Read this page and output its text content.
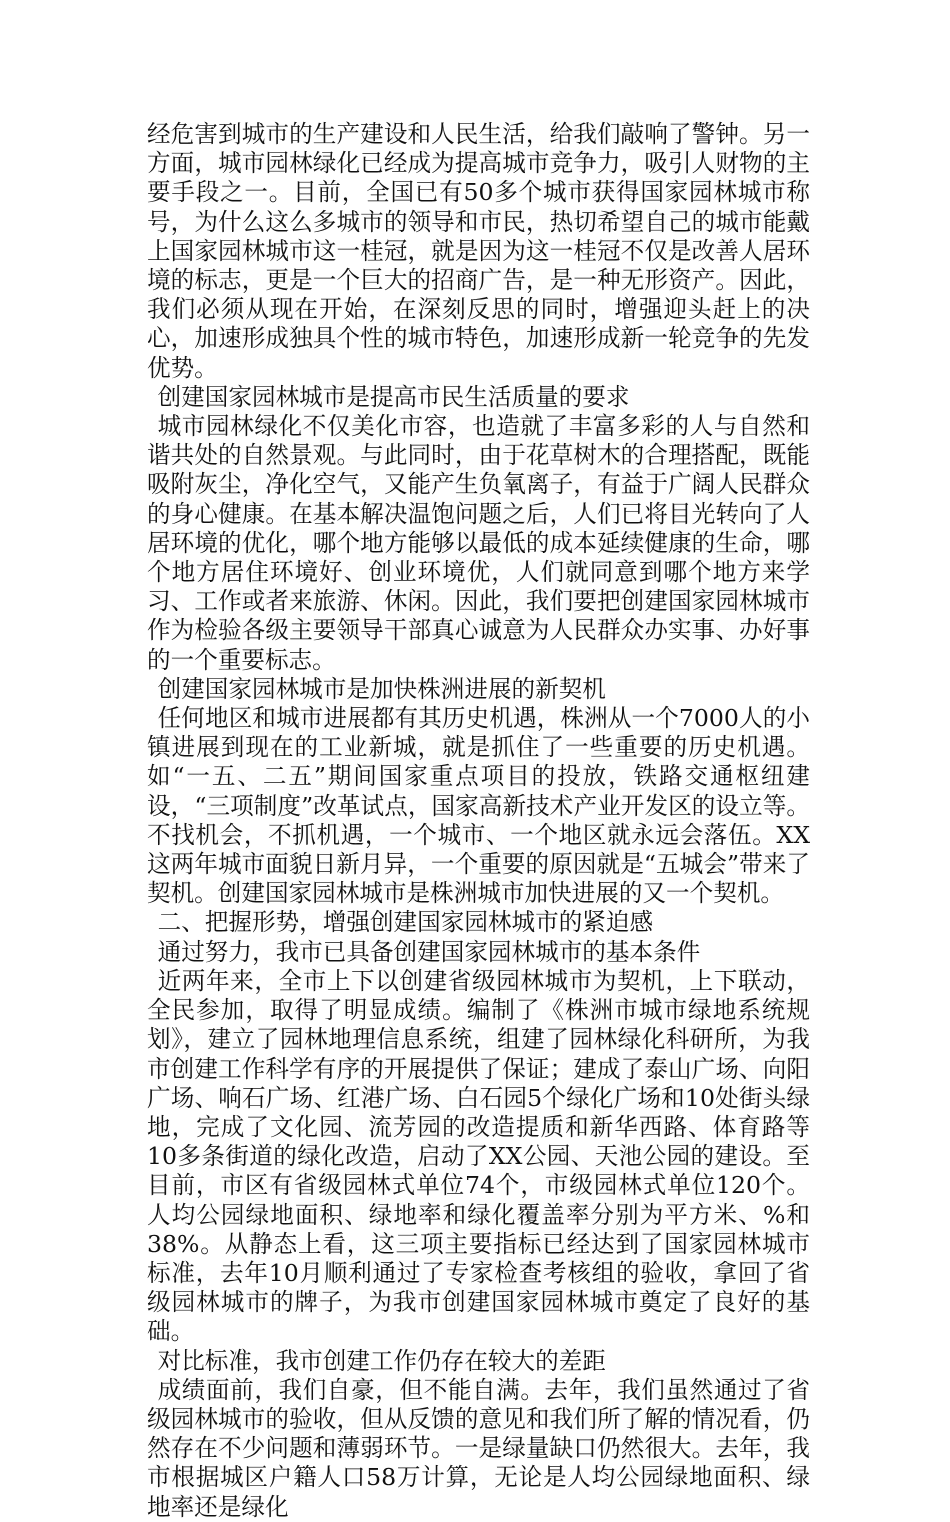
经危害到城市的生产建设和人民生活，给我们敲响了警钟。另一方面，城市园林绿化已经成为提高城市竞争力，吸引人财物的主要手段之一。目前，全国已有50多个城市获得国家园林城市称号，为什么这么多城市的领导和市民，热切希望自己的城市能戴上国家园林城市这一桂冠，就是因为这一桂冠不仅是改善人居环境的标志，更是一个巨大的招商广告，是一种无形资产。因此，我们必须从现在开始，在深刻反思的同时，增强迎头赶上的决心，加速形成独具个性的城市特色，加速形成新一轮竞争的先发优势。

创建国家园林城市是提高市民生活质量的要求

城市园林绿化不仅美化市容，也造就了丰富多彩的人与自然和谐共处的自然景观。与此同时，由于花草树木的合理搭配，既能吸附灰尘，净化空气，又能产生负氧离子，有益于广阔人民群众的身心健康。在基本解决温饱问题之后，人们已将目光转向了人居环境的优化，哪个地方能够以最低的成本延续健康的生命，哪个地方居住环境好、创业环境优，人们就同意到哪个地方来学习、工作或者来旅游、休闲。因此，我们要把创建国家园林城市作为检验各级主要领导干部真心诚意为人民群众办实事、办好事的一个重要标志。

创建国家园林城市是加快株洲进展的新契机

任何地区和城市进展都有其历史机遇，株洲从一个7000人的小镇进展到现在的工业新城，就是抓住了一些重要的历史机遇。如“一五、二五”期间国家重点项目的投放，铁路交通枢纽建设，“三项制度”改革试点，国家高新技术产业开发区的设立等。不找机会，不抓机遇，一个城市、一个地区就永远会落伍。XX这两年城市面貌日新月异，一个重要的原因就是“五城会”带来了契机。创建国家园林城市是株洲城市加快进展的又一个契机。

二、把握形势，增强创建国家园林城市的紧迫感

通过努力，我市已具备创建国家园林城市的基本条件

近两年来，全市上下以创建省级园林城市为契机，上下联动，全民参加，取得了明显成绩。编制了《株洲市城市绿地系统规划》，建立了园林地理信息系统，组建了园林绿化科研所，为我市创建工作科学有序的开展提供了保证；建成了泰山广场、向阳广场、响石广场、红港广场、白石园5个绿化广场和10处街头绿地，完成了文化园、流芳园的改造提质和新华西路、体育路等10多条街道的绿化改造，启动了XX公园、天池公园的建设。至目前，市区有省级园林式单位74个，市级园林式单位120个。人均公园绿地面积、绿地率和绿化覆盖率分别为平方米、%和38%。从静态上看，这三项主要指标已经达到了国家园林城市标准，去年10月顺利通过了专家检查考核组的验收，拿回了省级园林城市的牌子，为我市创建国家园林城市奠定了良好的基础。

对比标准，我市创建工作仍存在较大的差距

成绩面前，我们自豪，但不能自满。去年，我们虽然通过了省级园林城市的验收，但从反馈的意见和我们所了解的情况看，仍然存在不少问题和薄弱环节。一是绿量缺口仍然很大。去年，我市根据城区户籍人口58万计算，无论是人均公园绿地面积、绿地率还是绿化
